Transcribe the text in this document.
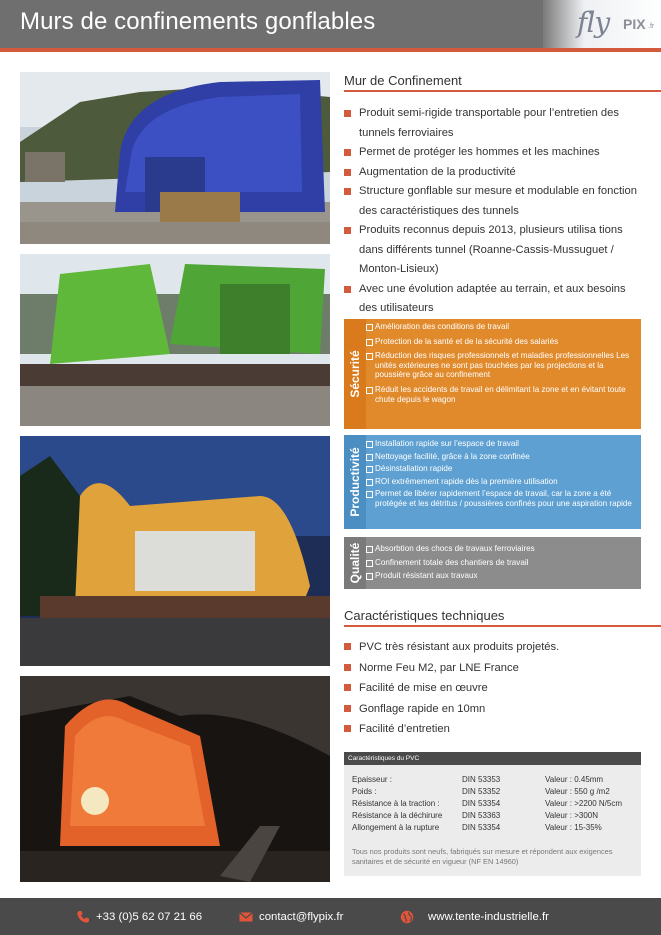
Murs de confinements gonflables	fly PIX .fr
Mur de Confinement
Produit semi-rigide transportable pour l’entretien des tunnels ferroviaires
Permet de protéger les hommes et les machines
Augmentation de la productivité
Structure gonflable sur mesure et modulable en fonction des caractéristiques des tunnels
Produits reconnus depuis 2013, plusieurs utilisa tions dans différents tunnel (Roanne-Cassis-Mussuguet / Monton-Lisieux)
Avec une évolution adaptée au terrain, et aux besoins des utilisateurs
Sécurité
Amélioration des conditions de travail
Protection de la santé et de la sécurité des salariés
Réduction des risques professionnels et maladies professionnelles Les unités extérieures ne sont pas touchées par les projections et la poussière grâce au confinement
Réduit les accidents de travail en délimitant la zone et en évitant toute chute depuis le wagon
Productivité
Installation rapide sur l’espace de travail
Nettoyage facilité, grâce à la zone confinée
Désinstallation rapide
ROI extrêmement rapide dès la première utilisation
Permet de libérer rapidement l’espace de travail, car la zone a été protégée et les détritus / poussières confinés pour une aspiration rapide
Qualité	Absorbtion des chocs de travaux ferroviaires
Confinement totale des chantiers de travail
Produit résistant aux travaux
Caractéristiques techniques
PVC très résistant aux produits projetés.
Norme Feu M2, par LNE France
Facilité de mise en œuvre
Gonflage rapide en 10mn
Facilité d’entretien
Caractéristiques du PVC
Epaisseur :	DIN 53353	Valeur : 0.45mm
Poids :	DIN 53352	Valeur : 550 g /m2
Résistance à la traction :	DIN 53354	Valeur : >2200 N/5cm
Résistance à la déchirure DIN 53363	Valeur : >300N
Allongement à la rupture	DIN 53354	Valeur : 15-35%
Tous nos produits sont neufs, fabriqués sur mesure et répondent aux exigences sanitaires et de sécurité en vigueur (NF EN 14960)
+33 (0)5 62 07 21 66	contact@flypix.fr	www.tente-industrielle.fr
